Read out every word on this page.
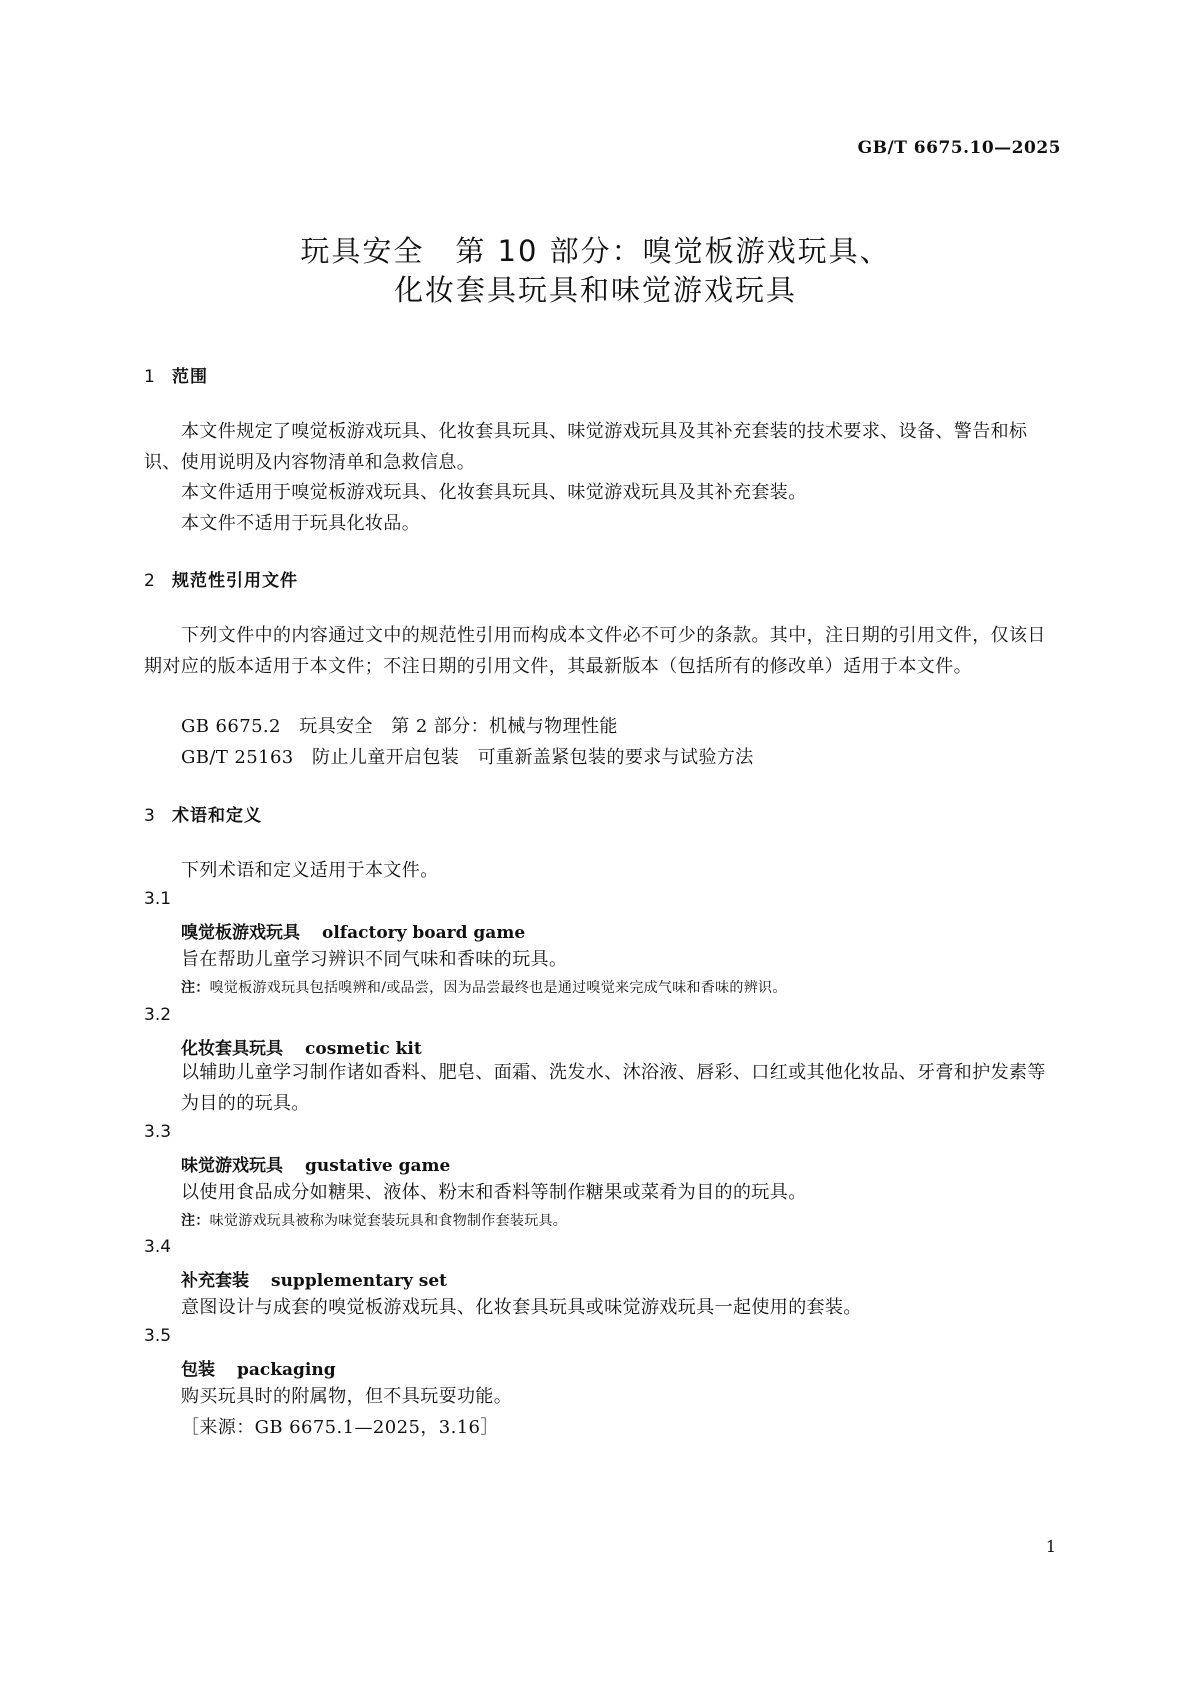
GB/T 6675.10—2025
玩具安全　第 10 部分：嗅觉板游戏玩具、
化妆套具玩具和味觉游戏玩具
1 范围
本文件规定了嗅觉板游戏玩具、化妆套具玩具、味觉游戏玩具及其补充套装的技术要求、设备、警告和标识、使用说明及内容物清单和急救信息。
本文件适用于嗅觉板游戏玩具、化妆套具玩具、味觉游戏玩具及其补充套装。
本文件不适用于玩具化妆品。
2 规范性引用文件
下列文件中的内容通过文中的规范性引用而构成本文件必不可少的条款。其中，注日期的引用文件，仅该日期对应的版本适用于本文件；不注日期的引用文件，其最新版本（包括所有的修改单）适用于本文件。
GB 6675.2　玩具安全　第 2 部分：机械与物理性能
GB/T 25163　防止儿童开启包装　可重新盖紧包装的要求与试验方法
3 术语和定义
下列术语和定义适用于本文件。
3.1
嗅觉板游戏玩具 olfactory board game
旨在帮助儿童学习辨识不同气味和香味的玩具。
注：嗅觉板游戏玩具包括嗅辨和/或品尝，因为品尝最终也是通过嗅觉来完成气味和香味的辨识。
3.2
化妆套具玩具 cosmetic kit
以辅助儿童学习制作诸如香料、肥皂、面霜、洗发水、沐浴液、唇彩、口红或其他化妆品、牙膏和护发素等为目的的玩具。
3.3
味觉游戏玩具 gustative game
以使用食品成分如糖果、液体、粉末和香料等制作糖果或菜肴为目的的玩具。
注：味觉游戏玩具被称为味觉套装玩具和食物制作套装玩具。
3.4
补充套装 supplementary set
意图设计与成套的嗅觉板游戏玩具、化妆套具玩具或味觉游戏玩具一起使用的套装。
3.5
包装 packaging
购买玩具时的附属物，但不具玩耍功能。
［来源：GB 6675.1—2025，3.16］
1
